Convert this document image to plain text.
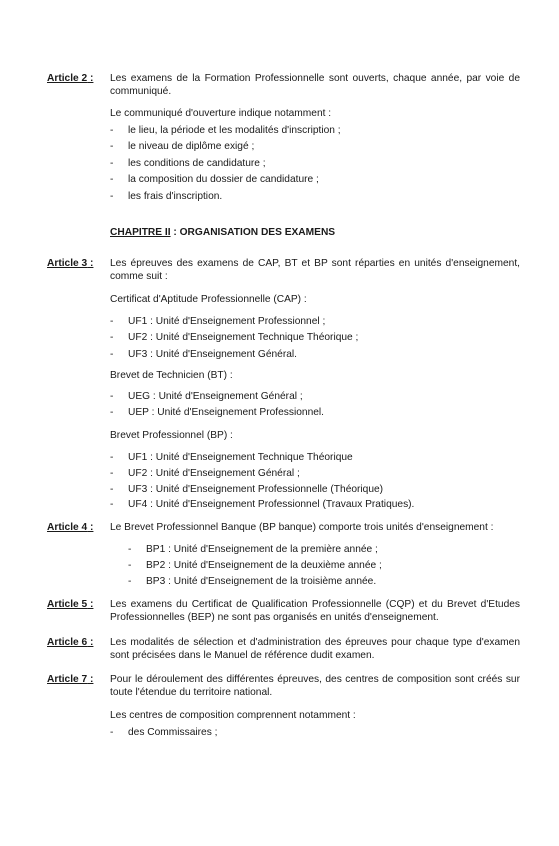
Article 2 : Les examens de la Formation Professionnelle sont ouverts, chaque année, par voie de communiqué.

Le communiqué d'ouverture indique notamment :
- le lieu, la période et les modalités d'inscription ;
- le niveau de diplôme exigé ;
- les conditions de candidature ;
- la composition du dossier de candidature ;
- les frais d'inscription.
CHAPITRE II : ORGANISATION DES EXAMENS
Article 3 : Les épreuves des examens de CAP, BT et BP sont réparties en unités d'enseignement, comme suit :

Certificat d'Aptitude Professionnelle (CAP) :
- UF1 : Unité d'Enseignement Professionnel ;
- UF2 : Unité d'Enseignement Technique Théorique ;
- UF3 : Unité d'Enseignement Général.
Brevet de Technicien (BT) :
- UEG : Unité d'Enseignement Général ;
- UEP : Unité d'Enseignement Professionnel.
Brevet Professionnel (BP) :
- UF1 : Unité d'Enseignement Technique Théorique
- UF2 : Unité d'Enseignement Général ;
- UF3 : Unité d'Enseignement Professionnelle (Théorique)
- UF4 : Unité d'Enseignement Professionnel (Travaux Pratiques).
Article 4 : Le Brevet Professionnel Banque (BP banque) comporte trois unités d'enseignement :
- BP1 : Unité d'Enseignement de la première année ;
- BP2 : Unité d'Enseignement de la deuxième année ;
- BP3 : Unité d'Enseignement de la troisième année.
Article 5 : Les examens du Certificat de Qualification Professionnelle (CQP) et du Brevet d'Etudes Professionnelles (BEP) ne sont pas organisés en unités d'enseignement.

Article 6 : Les modalités de sélection et d'administration des épreuves pour chaque type d'examen sont précisées dans le Manuel de référence dudit examen.

Article 7 : Pour le déroulement des différentes épreuves, des centres de composition sont créés sur toute l'étendue du territoire national.

Les centres de composition comprennent notamment :
- des Commissaires ;
